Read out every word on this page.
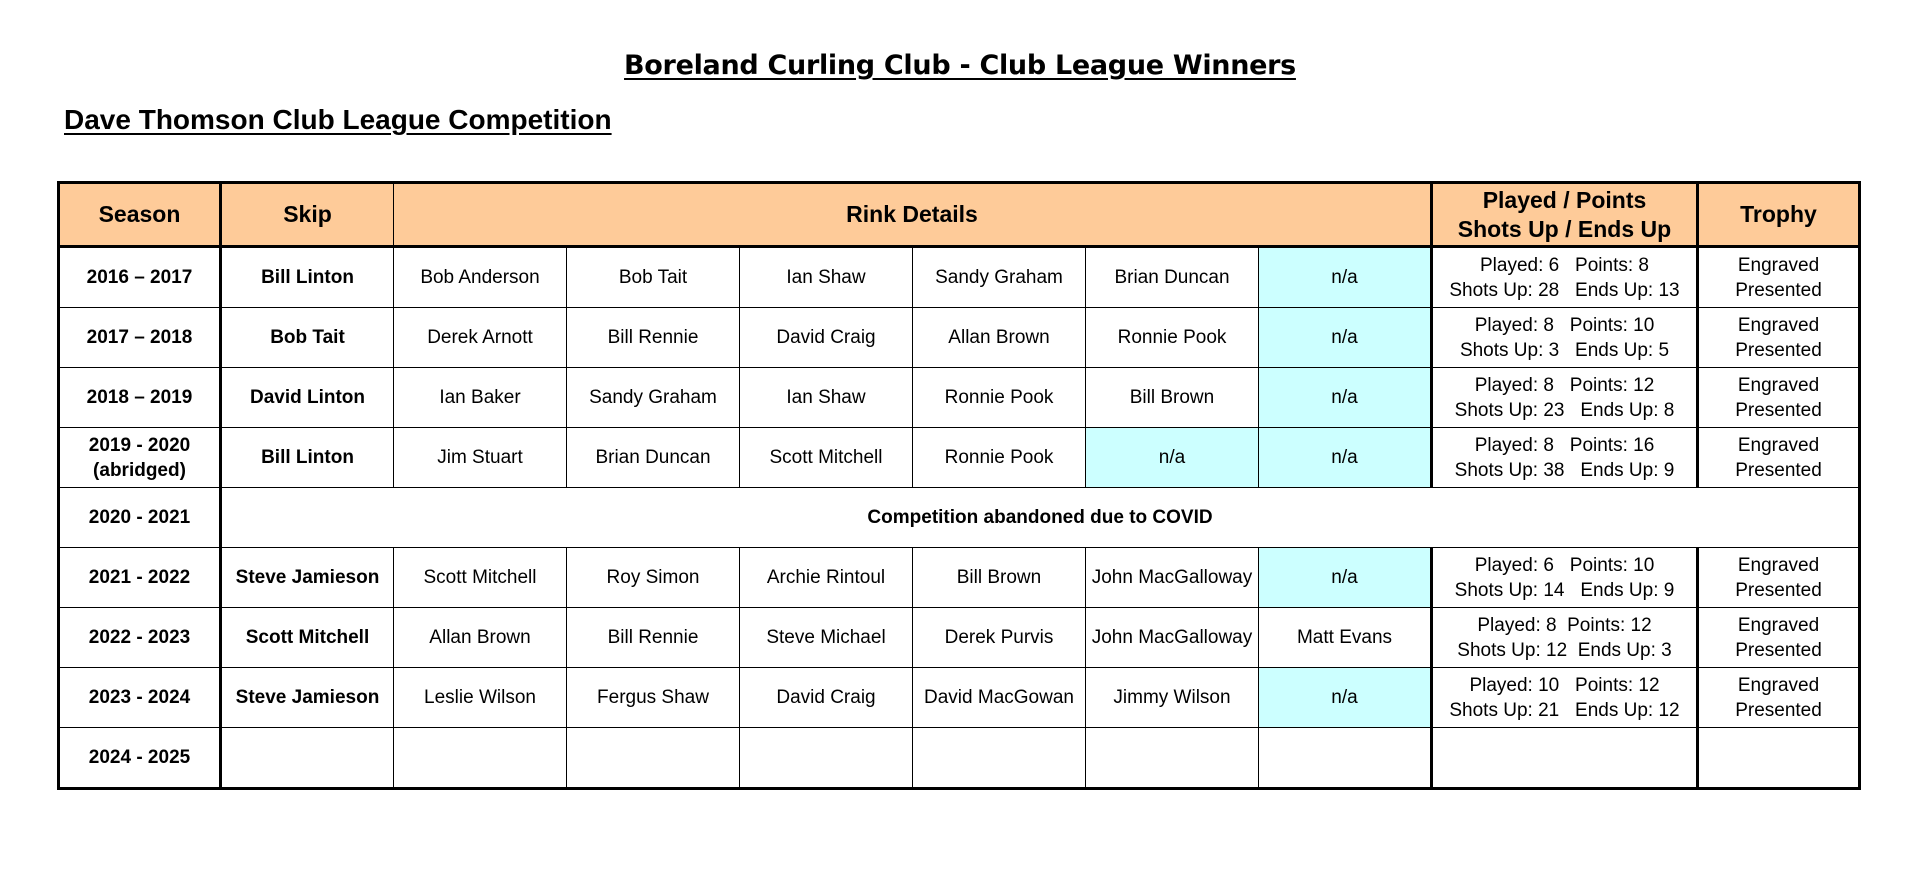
Boreland Curling Club - Club League Winners
Dave Thomson Club League Competition
Season	Skip	Rink Details						Played / Points
Shots Up / Ends Up	Trophy
2016 – 2017	Bill Linton	Bob Anderson	Bob Tait	Ian Shaw	Sandy Graham	Brian Duncan	n/a	Played: 6   Points: 8
Shots Up: 28   Ends Up: 13	Engraved
Presented

2017 – 2018	Bob Tait	Derek Arnott	Bill Rennie	David Craig	Allan Brown	Ronnie Pook	n/a	Played: 8   Points: 10
Shots Up: 3   Ends Up: 5	Engraved
Presented

2018 – 2019	David Linton	Ian Baker	Sandy Graham	Ian Shaw	Ronnie Pook	Bill Brown	n/a	Played: 8   Points: 12
Shots Up: 23   Ends Up: 8	Engraved
Presented

2019 - 2020
(abridged)	Bill Linton	Jim Stuart	Brian Duncan	Scott Mitchell	Ronnie Pook	n/a	n/a	Played: 8   Points: 16
Shots Up: 38   Ends Up: 9	Engraved
Presented

2020 - 2021	Competition abandoned due to COVID								
2021 - 2022	Steve Jamieson	Scott Mitchell	Roy Simon	Archie Rintoul	Bill Brown	John MacGalloway	n/a	Played: 6   Points: 10
Shots Up: 14   Ends Up: 9	Engraved
Presented

2022 - 2023	Scott Mitchell	Allan Brown	Bill Rennie	Steve Michael	Derek Purvis	John MacGalloway	Matt Evans	Played: 8  Points: 12
Shots Up: 12  Ends Up: 3	Engraved
Presented

2023 - 2024	Steve Jamieson	Leslie Wilson	Fergus Shaw	David Craig	David MacGowan	Jimmy Wilson	n/a	Played: 10   Points: 12
Shots Up: 21   Ends Up: 12	Engraved
Presented

2024 - 2025									
